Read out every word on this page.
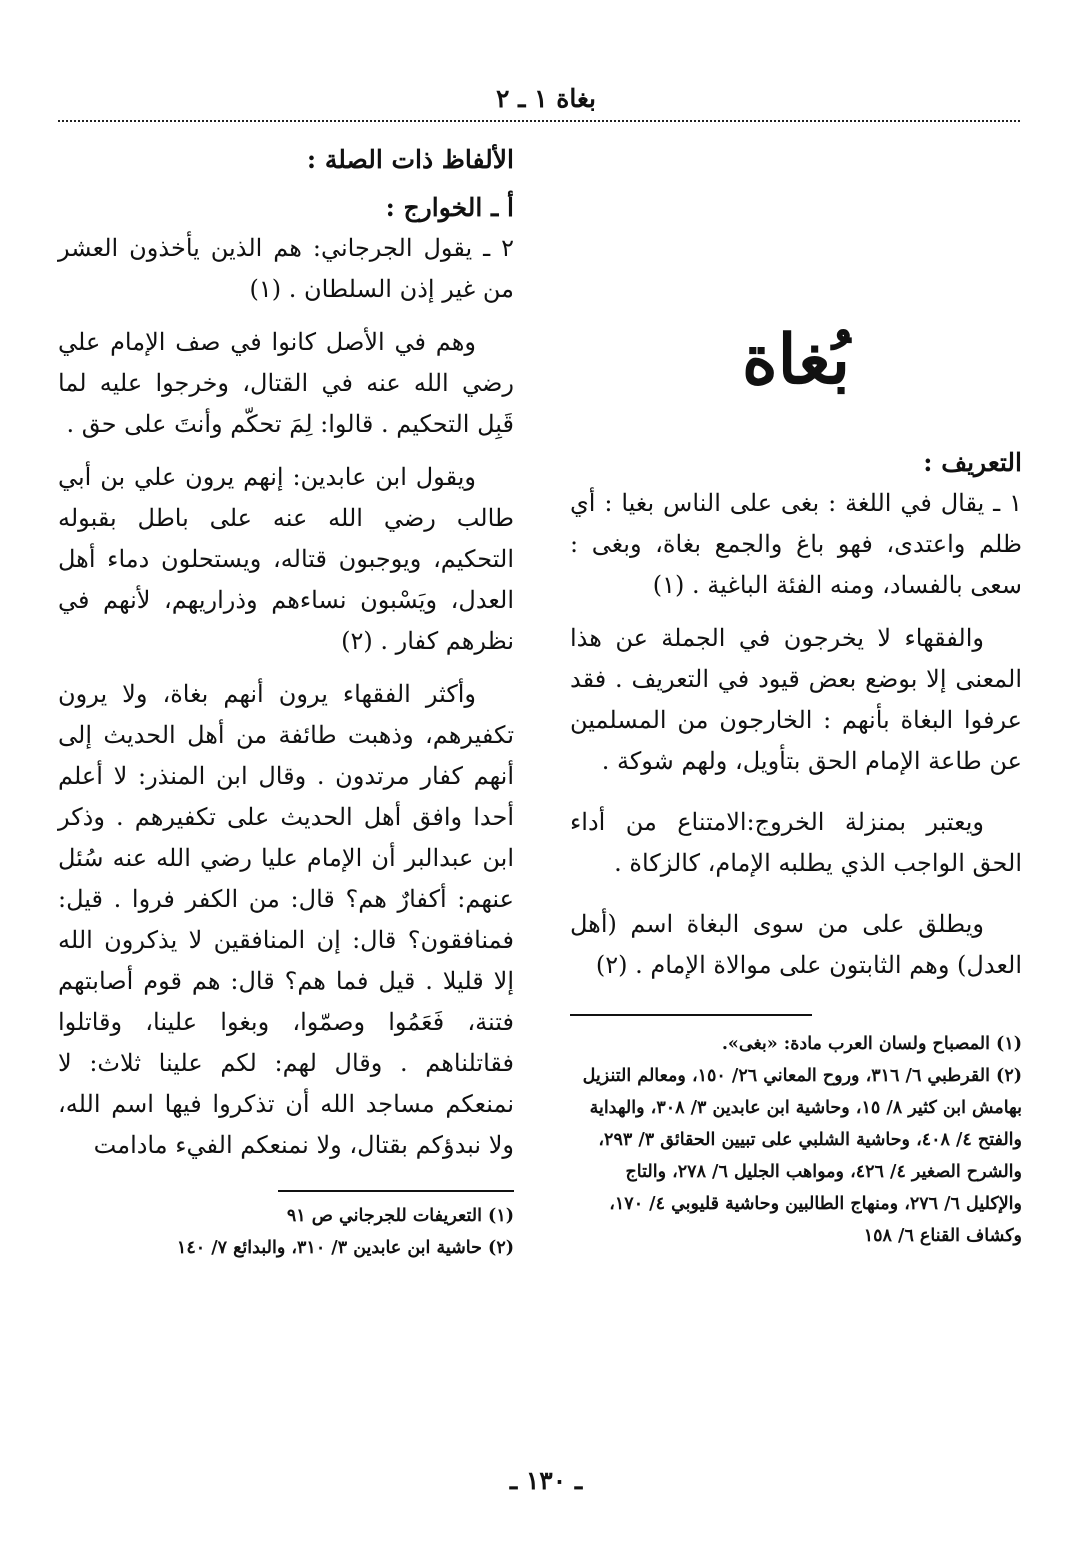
بغاة ١ ـ ٢
بُغاة

التعريف :

١ ـ يقال في اللغة : بغى على الناس بغيا : أي ظلم واعتدى، فهو باغ والجمع بغاة، وبغى : سعى بالفساد، ومنه الفئة الباغية . (١)

والفقهاء لا يخرجون في الجملة عن هذا المعنى إلا بوضع بعض قيود في التعريف . فقد عرفوا البغاة بأنهم : الخارجون من المسلمين عن طاعة الإمام الحق بتأويل، ولهم شوكة .

ويعتبر بمنزلة الخروج:الامتناع من أداء الحق الواجب الذي يطلبه الإمام، كالزكاة .

ويطلق على من سوى البغاة اسم (أهل العدل) وهم الثابتون على موالاة الإمام . (٢)

(١) المصباح ولسان العرب مادة: «بغى».

(٢) القرطبي ٦/ ٣١٦، وروح المعاني ٢٦/ ١٥٠، ومعالم التنزيل بهامش ابن كثير ٨/ ١٥، وحاشية ابن عابدين ٣/ ٣٠٨، والهداية والفتح ٤/ ٤٠٨، وحاشية الشلبي على تبيين الحقائق ٣/ ٢٩٣، والشرح الصغير ٤/ ٤٢٦، ومواهب الجليل ٦/ ٢٧٨، والتاج والإكليل ٦/ ٢٧٦، ومنهاج الطالبين وحاشية قليوبي ٤/ ١٧٠، وكشاف القناع ٦/ ١٥٨

الألفاظ ذات الصلة :

أ ـ الخوارج :

٢ ـ يقول الجرجاني: هم الذين يأخذون العشر من غير إذن السلطان . (١)

وهم في الأصل كانوا في صف الإمام علي رضي الله عنه في القتال، وخرجوا عليه لما قَبِل التحكيم . قالوا: لِمَ تحكّم وأنتَ على حق .

ويقول ابن عابدين: إنهم يرون علي بن أبي طالب رضي الله عنه على باطل بقبوله التحكيم، ويوجبون قتاله، ويستحلون دماء أهل العدل، ويَسْبون نساءهم وذراريهم، لأنهم في نظرهم كفار . (٢)

وأكثر الفقهاء يرون أنهم بغاة، ولا يرون تكفيرهم، وذهبت طائفة من أهل الحديث إلى أنهم كفار مرتدون . وقال ابن المنذر: لا أعلم أحدا وافق أهل الحديث على تكفيرهم . وذكر ابن عبدالبر أن الإمام عليا رضي الله عنه سُئل عنهم: أكفارٌ هم؟ قال: من الكفر فروا . قيل: فمنافقون؟ قال: إن المنافقين لا يذكرون الله إلا قليلا . قيل فما هم؟ قال: هم قوم أصابتهم فتنة، فَعَمُوا وصمّوا، وبغوا علينا، وقاتلوا فقاتلناهم . وقال لهم: لكم علينا ثلاث: لا نمنعكم مساجد الله أن تذكروا فيها اسم الله، ولا نبدؤكم بقتال، ولا نمنعكم الفيء مادامت

(١) التعريفات للجرجاني ص ٩١

(٢) حاشية ابن عابدين ٣/ ٣١٠، والبدائع ٧/ ١٤٠

ـ ١٣٠ ـ
